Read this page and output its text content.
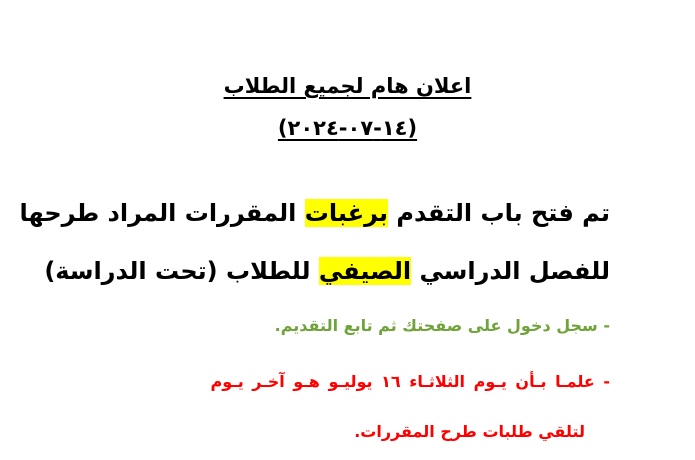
اعلان هام لجميع الطلاب
(١٤-٠٧-٢٠٢٤)
تم فتح باب التقدم برغبات المقررات المراد طرحها
للفصل الدراسي الصيفي للطلاب (تحت الدراسة)
- سجل دخول على صفحتك ثم تابع التقديم.
- علمـا بـأن يـوم الثلاثـاء ١٦ يوليـو هـو آخـر يـوم
لتلقي طلبات طرح المقررات.
